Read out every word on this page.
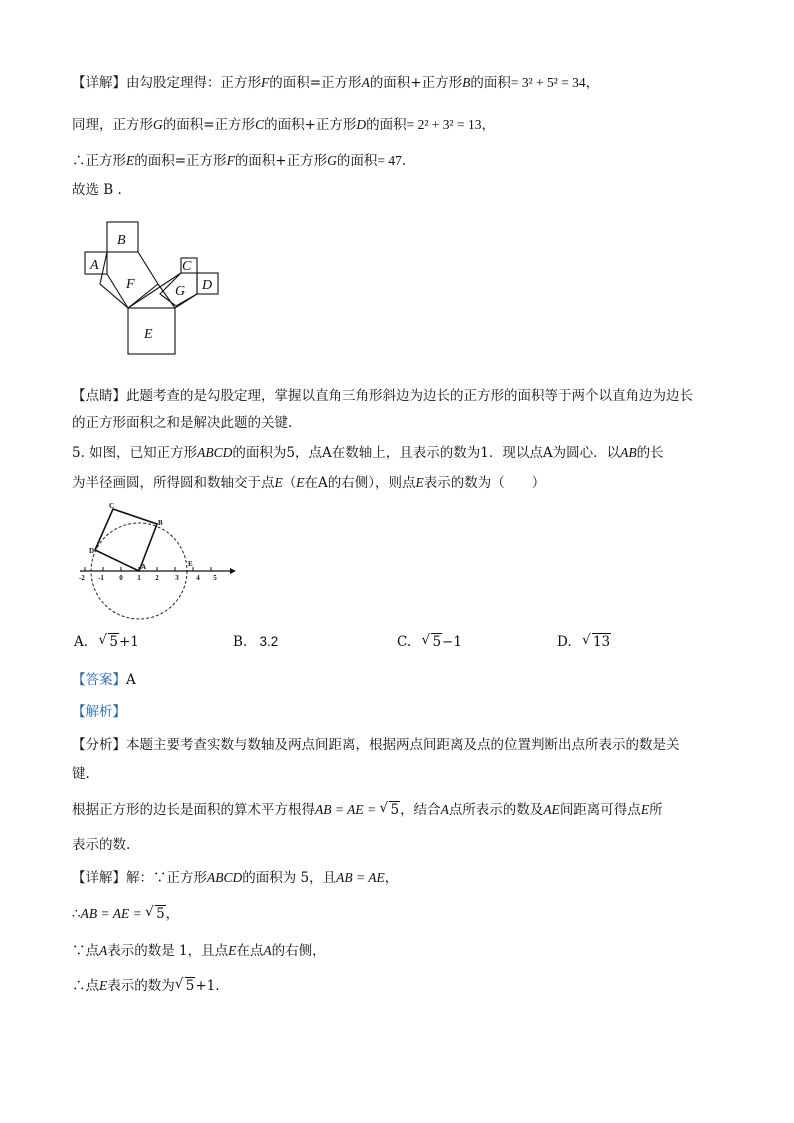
【详解】由勾股定理得：正方形F的面积=正方形A的面积+正方形B的面积= 3² + 5² = 34，
同理，正方形G的面积=正方形C的面积+正方形D的面积= 2² + 3² = 13，
∴正方形E的面积=正方形F的面积+正方形G的面积= 47.
故选 B .
B
A
F
C
G D
E
【点睛】此题考查的是勾股定理，掌握以直角三角形斜边为边长的正方形的面积等于两个以直角边为边长
的正方形面积之和是解决此题的关键.
5. 如图，已知正方形ABCD的面积为5，点A在数轴上，且表示的数为1．现以点A为圆心．以AB的长
为半径画圆，所得圆和数轴交于点E（E在A的右侧），则点E表示的数为（　　）
C
B
D
A	E
-2 -1 0 1 2 3	4 5
A. √ 5+1	B. 3.2	C. √ 5−1	D. √ 13
【答案】A
【解析】
【分析】本题主要考查实数与数轴及两点间距离，根据两点间距离及点的位置判断出点所表示的数是关
键.
根据正方形的边长是面积的算术平方根得AB = AE = √ 5，结合A点所表示的数及AE间距离可得点E所
表示的数.
【详解】解：∵正方形ABCD的面积为 5，且AB = AE，
∴AB = AE = √ 5，
∵点A表示的数是 1，且点E在点A的右侧，
∴点E表示的数为 √ 5+1.
